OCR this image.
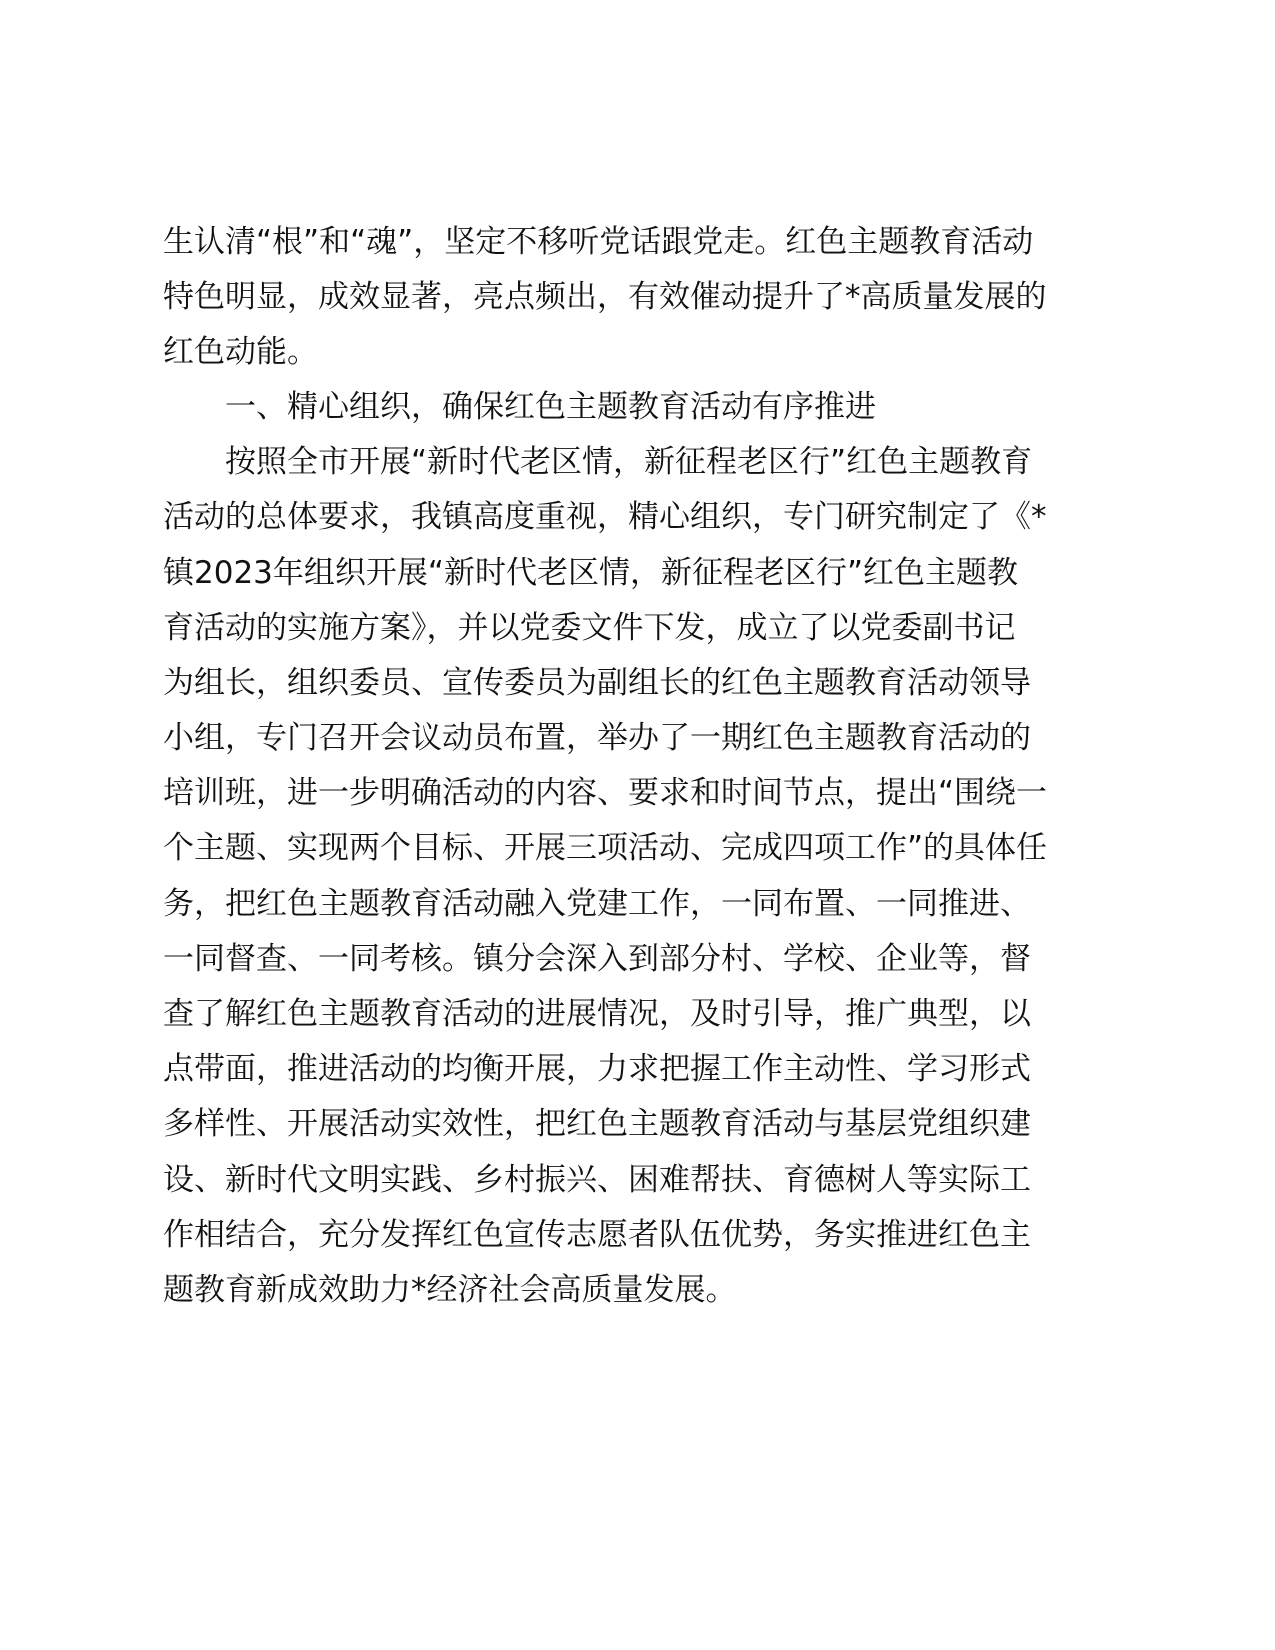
生认清“根”和“魂”，坚定不移听党话跟党走。红色主题教育活动
特色明显，成效显著，亮点频出，有效催动提升了*高质量发展的
红色动能。
一、精心组织，确保红色主题教育活动有序推进
按照全市开展“新时代老区情，新征程老区行”红色主题教育
活动的总体要求，我镇高度重视，精心组织，专门研究制定了《*
镇2023年组织开展“新时代老区情，新征程老区行”红色主题教
育活动的实施方案》，并以党委文件下发，成立了以党委副书记
为组长，组织委员、宣传委员为副组长的红色主题教育活动领导
小组，专门召开会议动员布置，举办了一期红色主题教育活动的
培训班，进一步明确活动的内容、要求和时间节点，提出“围绕一
个主题、实现两个目标、开展三项活动、完成四项工作”的具体任
务，把红色主题教育活动融入党建工作，一同布置、一同推进、
一同督查、一同考核。镇分会深入到部分村、学校、企业等，督
查了解红色主题教育活动的进展情况，及时引导，推广典型，以
点带面，推进活动的均衡开展，力求把握工作主动性、学习形式
多样性、开展活动实效性，把红色主题教育活动与基层党组织建
设、新时代文明实践、乡村振兴、困难帮扶、育德树人等实际工
作相结合，充分发挥红色宣传志愿者队伍优势，务实推进红色主
题教育新成效助力*经济社会高质量发展。
